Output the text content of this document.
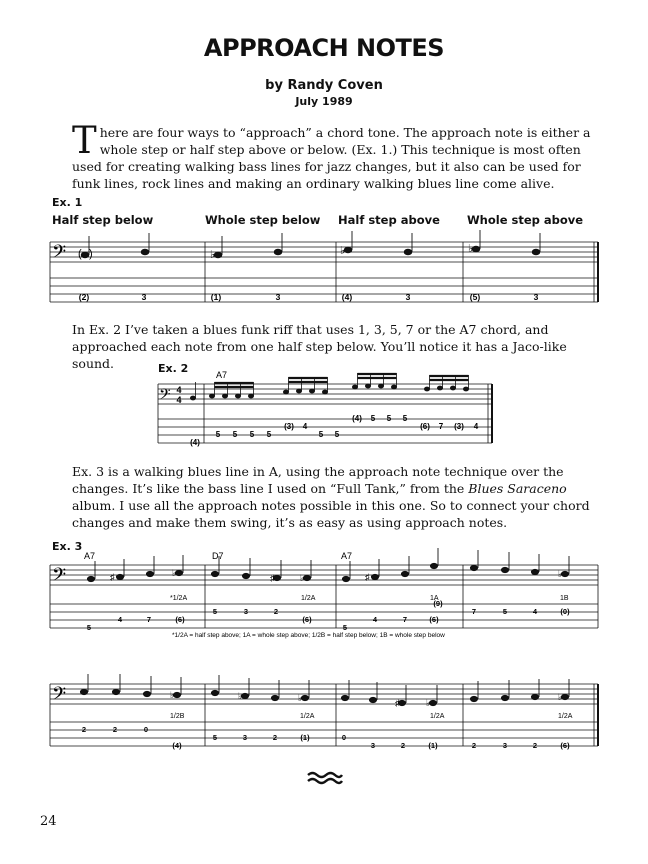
APPROACH NOTES
by Randy Coven
July 1989
There are four ways to “approach” a chord tone. The approach note is either a whole step or half step above or below. (Ex. 1.) This technique is most often used for creating walking bass lines for jazz changes, but it also can be used for funk lines, rock lines and making an ordinary walking blues line come alive.
Ex. 1
Half step below	Whole step below Half step above Whole step above
𝄢 ( )	♭	♭	♭
(2)	3	(1)	3	(4)	3	(5)	3
In Ex. 2 I’ve taken a blues funk riff that uses 1, 3, 5, 7 or the A7 chord, and approached each note from one half step below. You’ll notice it has a Jaco-like sound.	Ex. 2	A7
𝄢 4
4
(4)
5 5 5 5
(3) 4
5 5
(4) 5 5 5
(6) 7 (3) 4
Ex. 3 is a walking blues line in A, using the approach note technique over the changes. It’s like the bass line I used on “Full Tank,” from the Blues Saraceno album. I use all the approach notes possible in this one. So to connect your chord changes and make them swing, it’s as easy as using approach notes.
Ex. 3
A7	D7	A7
𝄢	♯	♭	♯	♭	♯	♭
*1/2A	1/2A	1A	1B
5
4	7	(6)
5	3	2
(6)
5
4	7	(6)
(9)
7	5	4	(0)
*1/2A = half step above; 1A = whole step above; 1/2B = half step below; 1B = whole step below
𝄢	♭	♭	♭	♯	♭
♭
1/2B	1/2A	1/2A	1/2A
2	2	0
(4)
5	3	2	(1)	0
3	2	(1)	2	3	2	(6)
24
